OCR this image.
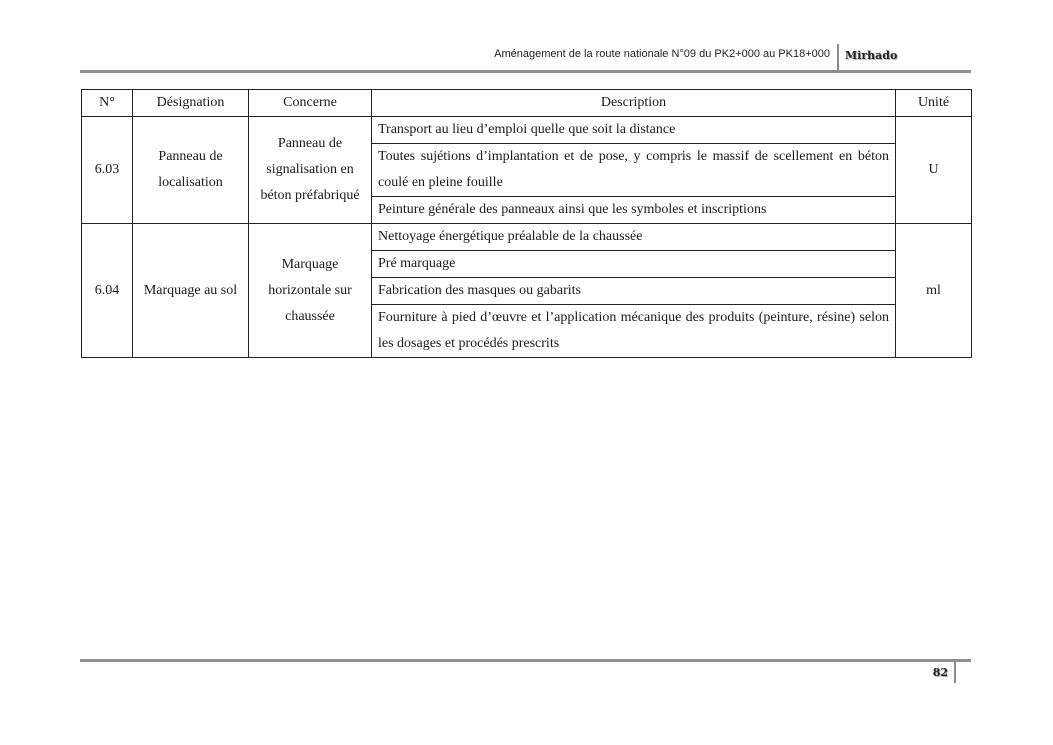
Aménagement de la route nationale N°09 du PK2+000 au PK18+000 Mirhado
N°	Désignation	Concerne	Description	Unité
6.03	Panneau de localisation	Panneau de signalisation en béton préfabriqué	Transport au lieu d’emploi quelle que soit la distance	U
			Toutes sujétions d’implantation et de pose, y compris le massif de scellement en béton coulé en pleine fouille	
			Peinture générale des panneaux ainsi que les symboles et inscriptions	
6.04	Marquage au sol	Marquage horizontale sur chaussée	Nettoyage énergétique préalable de la chaussée	ml
			Pré marquage	
			Fabrication des masques ou gabarits	
			Fourniture à pied d’œuvre et l’application mécanique des produits (peinture, résine) selon les dosages et procédés prescrits	
82
